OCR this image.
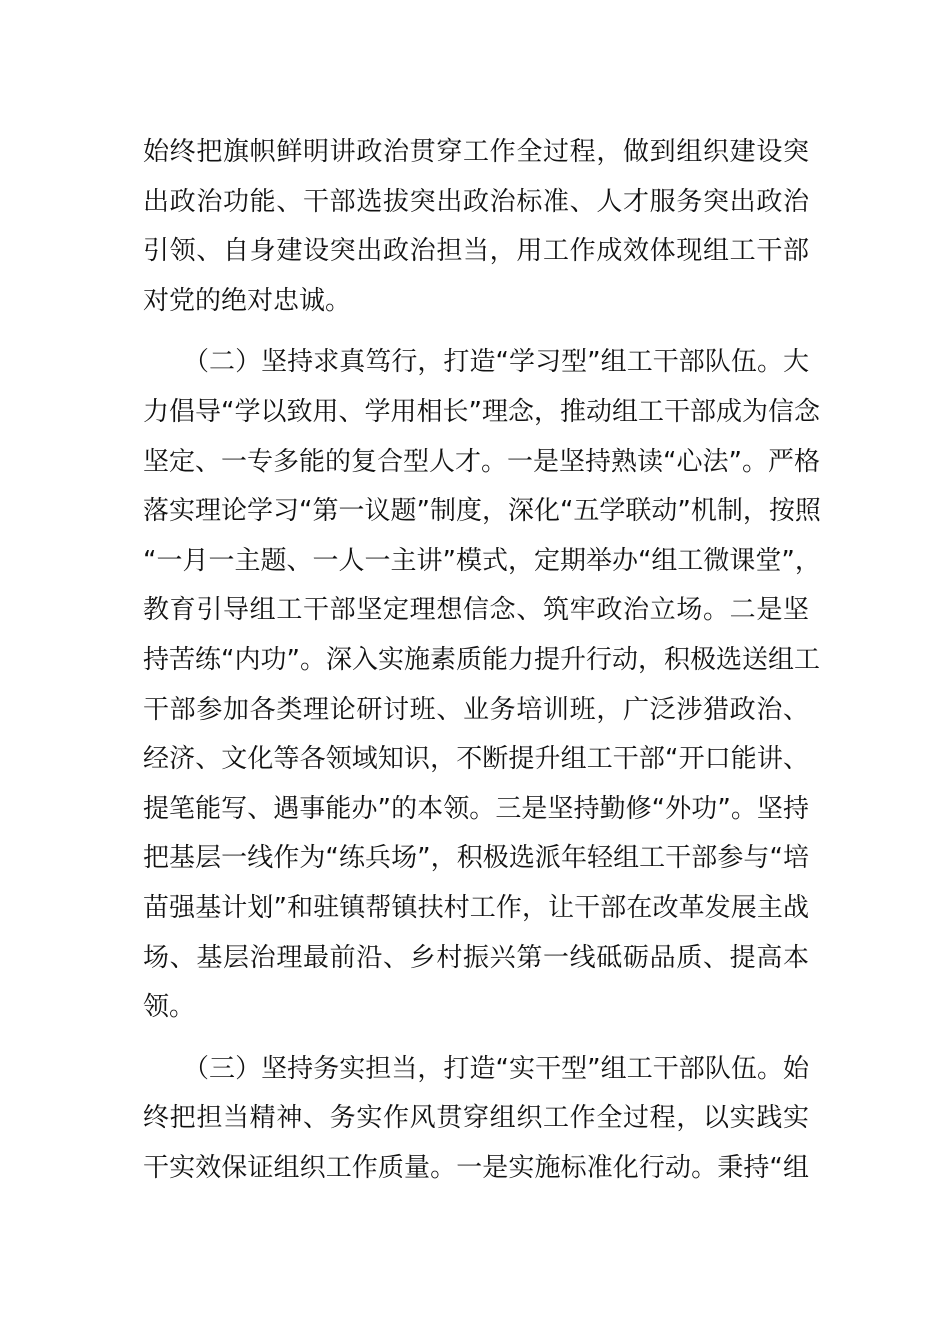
始终把旗帜鲜明讲政治贯穿工作全过程，做到组织建设突
出政治功能、干部选拔突出政治标准、人才服务突出政治
引领、自身建设突出政治担当，用工作成效体现组工干部
对党的绝对忠诚。
（二）坚持求真笃行，打造“学习型”组工干部队伍。大
力倡导“学以致用、学用相长”理念，推动组工干部成为信念
坚定、一专多能的复合型人才。一是坚持熟读“心法”。严格
落实理论学习“第一议题”制度，深化“五学联动”机制，按照
“一月一主题、一人一主讲”模式，定期举办“组工微课堂”，
教育引导组工干部坚定理想信念、筑牢政治立场。二是坚
持苦练“内功”。深入实施素质能力提升行动，积极选送组工
干部参加各类理论研讨班、业务培训班，广泛涉猎政治、
经济、文化等各领域知识，不断提升组工干部“开口能讲、
提笔能写、遇事能办”的本领。三是坚持勤修“外功”。坚持
把基层一线作为“练兵场”，积极选派年轻组工干部参与“培
苗强基计划”和驻镇帮镇扶村工作，让干部在改革发展主战
场、基层治理最前沿、乡村振兴第一线砥砺品质、提高本
领。
（三）坚持务实担当，打造“实干型”组工干部队伍。始
终把担当精神、务实作风贯穿组织工作全过程，以实践实
干实效保证组织工作质量。一是实施标准化行动。秉持“组
